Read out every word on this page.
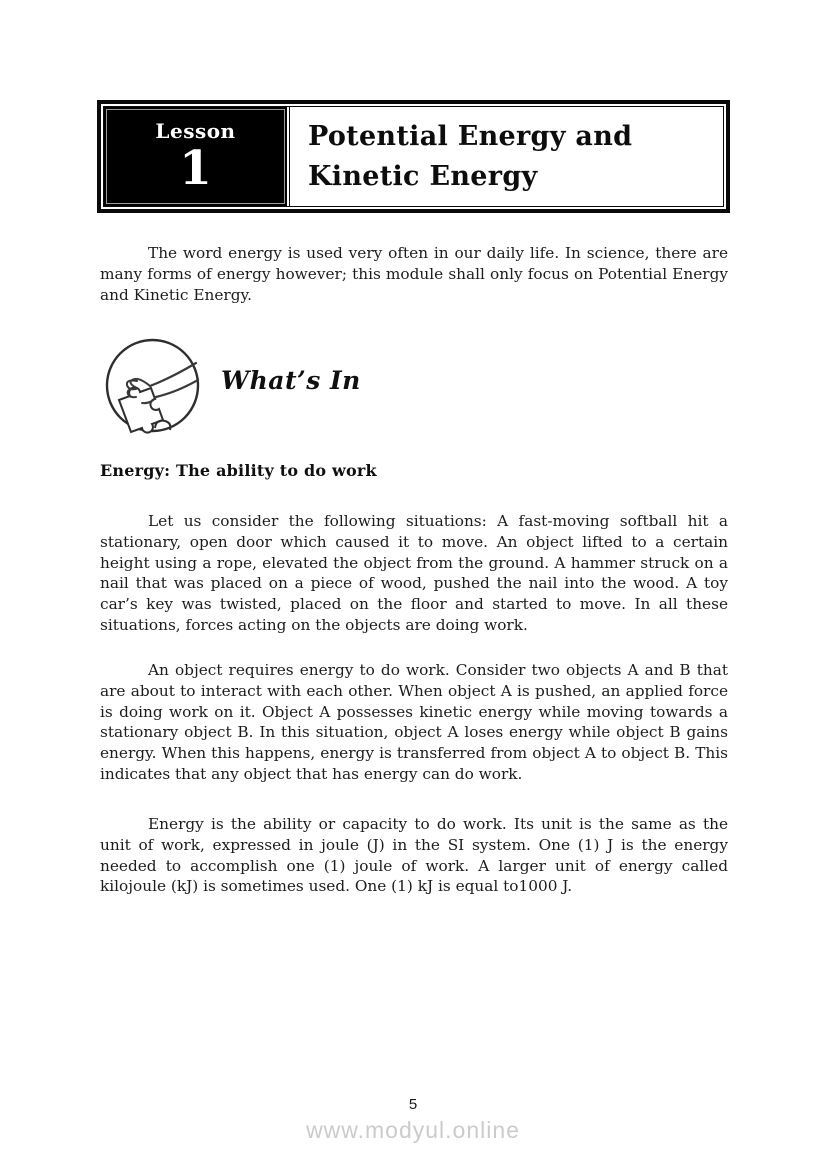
Lesson
1
Potential Energy and
Kinetic Energy
The word energy is used very often in our daily life. In science, there are many forms of energy however; this module shall only focus on Potential Energy and Kinetic Energy.
What’s In
Energy: The ability to do work
Let us consider the following situations: A fast-moving softball hit a stationary, open door which caused it to move. An object lifted to a certain height using a rope, elevated the object from the ground. A hammer struck on a nail that was placed on a piece of wood, pushed the nail into the wood. A toy car’s key was twisted, placed on the floor and started to move. In all these situations, forces acting on the objects are doing work.
An object requires energy to do work. Consider two objects A and B that are about to interact with each other. When object A is pushed, an applied force is doing work on it. Object A possesses kinetic energy while moving towards a stationary object B. In this situation, object A loses energy while object B gains energy. When this happens, energy is transferred from object A to object B. This indicates that any object that has energy can do work.
Energy is the ability or capacity to do work. Its unit is the same as the unit of work, expressed in joule (J) in the SI system. One (1) J is the energy needed to accomplish one (1) joule of work. A larger unit of energy called kilojoule (kJ) is sometimes used. One (1) kJ is equal to1000 J.
5
www.modyul.online
